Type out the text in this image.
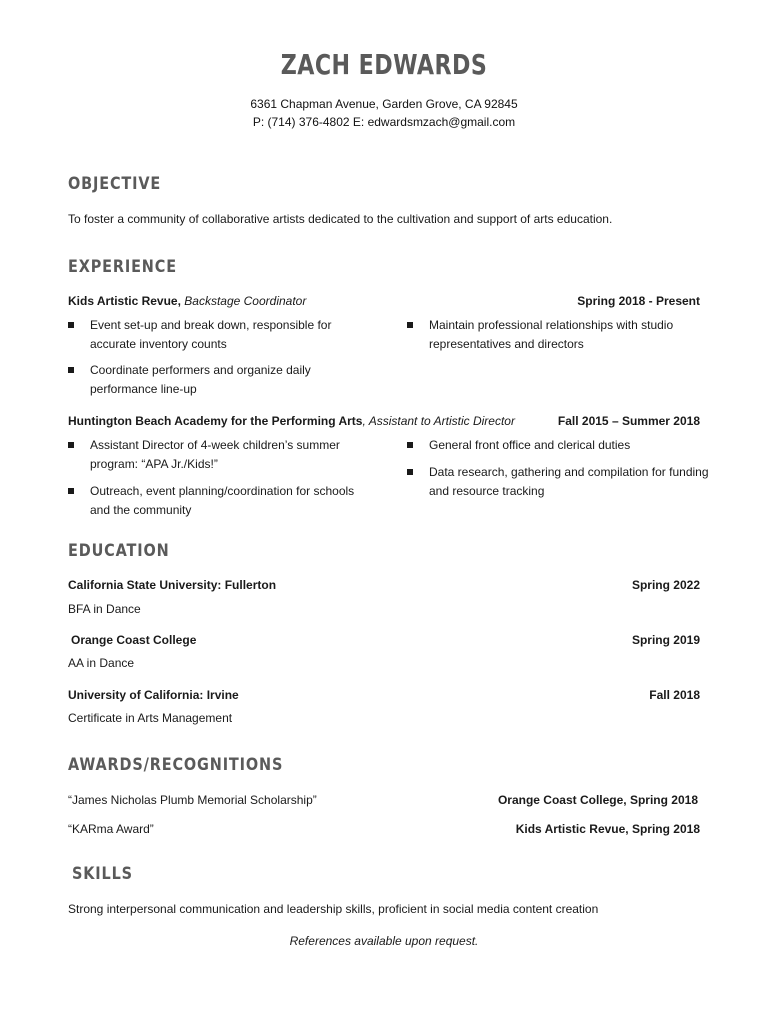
ZACH EDWARDS
6361 Chapman Avenue, Garden Grove, CA 92845
P: (714) 376-4802 E: edwardsmzach@gmail.com
OBJECTIVE
To foster a community of collaborative artists dedicated to the cultivation and support of arts education.
EXPERIENCE
Kids Artistic Revue, Backstage Coordinator	Spring 2018 - Present
Event set-up and break down, responsible for
accurate inventory counts
Coordinate performers and organize daily
performance line-up
Maintain professional relationships with studio
representatives and directors
Huntington Beach Academy for the Performing Arts, Assistant to Artistic Director	Fall 2015 – Summer 2018
Assistant Director of 4-week children’s summer
program: “APA Jr./Kids!”
Outreach, event planning/coordination for schools
and the community
General front office and clerical duties
Data research, gathering and compilation for funding
and resource tracking
EDUCATION
California State University: Fullerton	Spring 2022
BFA in Dance
Orange Coast College	Spring 2019
AA in Dance
University of California: Irvine	Fall 2018
Certificate in Arts Management
AWARDS/RECOGNITIONS
“James Nicholas Plumb Memorial Scholarship”	Orange Coast College, Spring 2018
“KARma Award”	Kids Artistic Revue, Spring 2018
SKILLS
Strong interpersonal communication and leadership skills, proficient in social media content creation
References available upon request.
